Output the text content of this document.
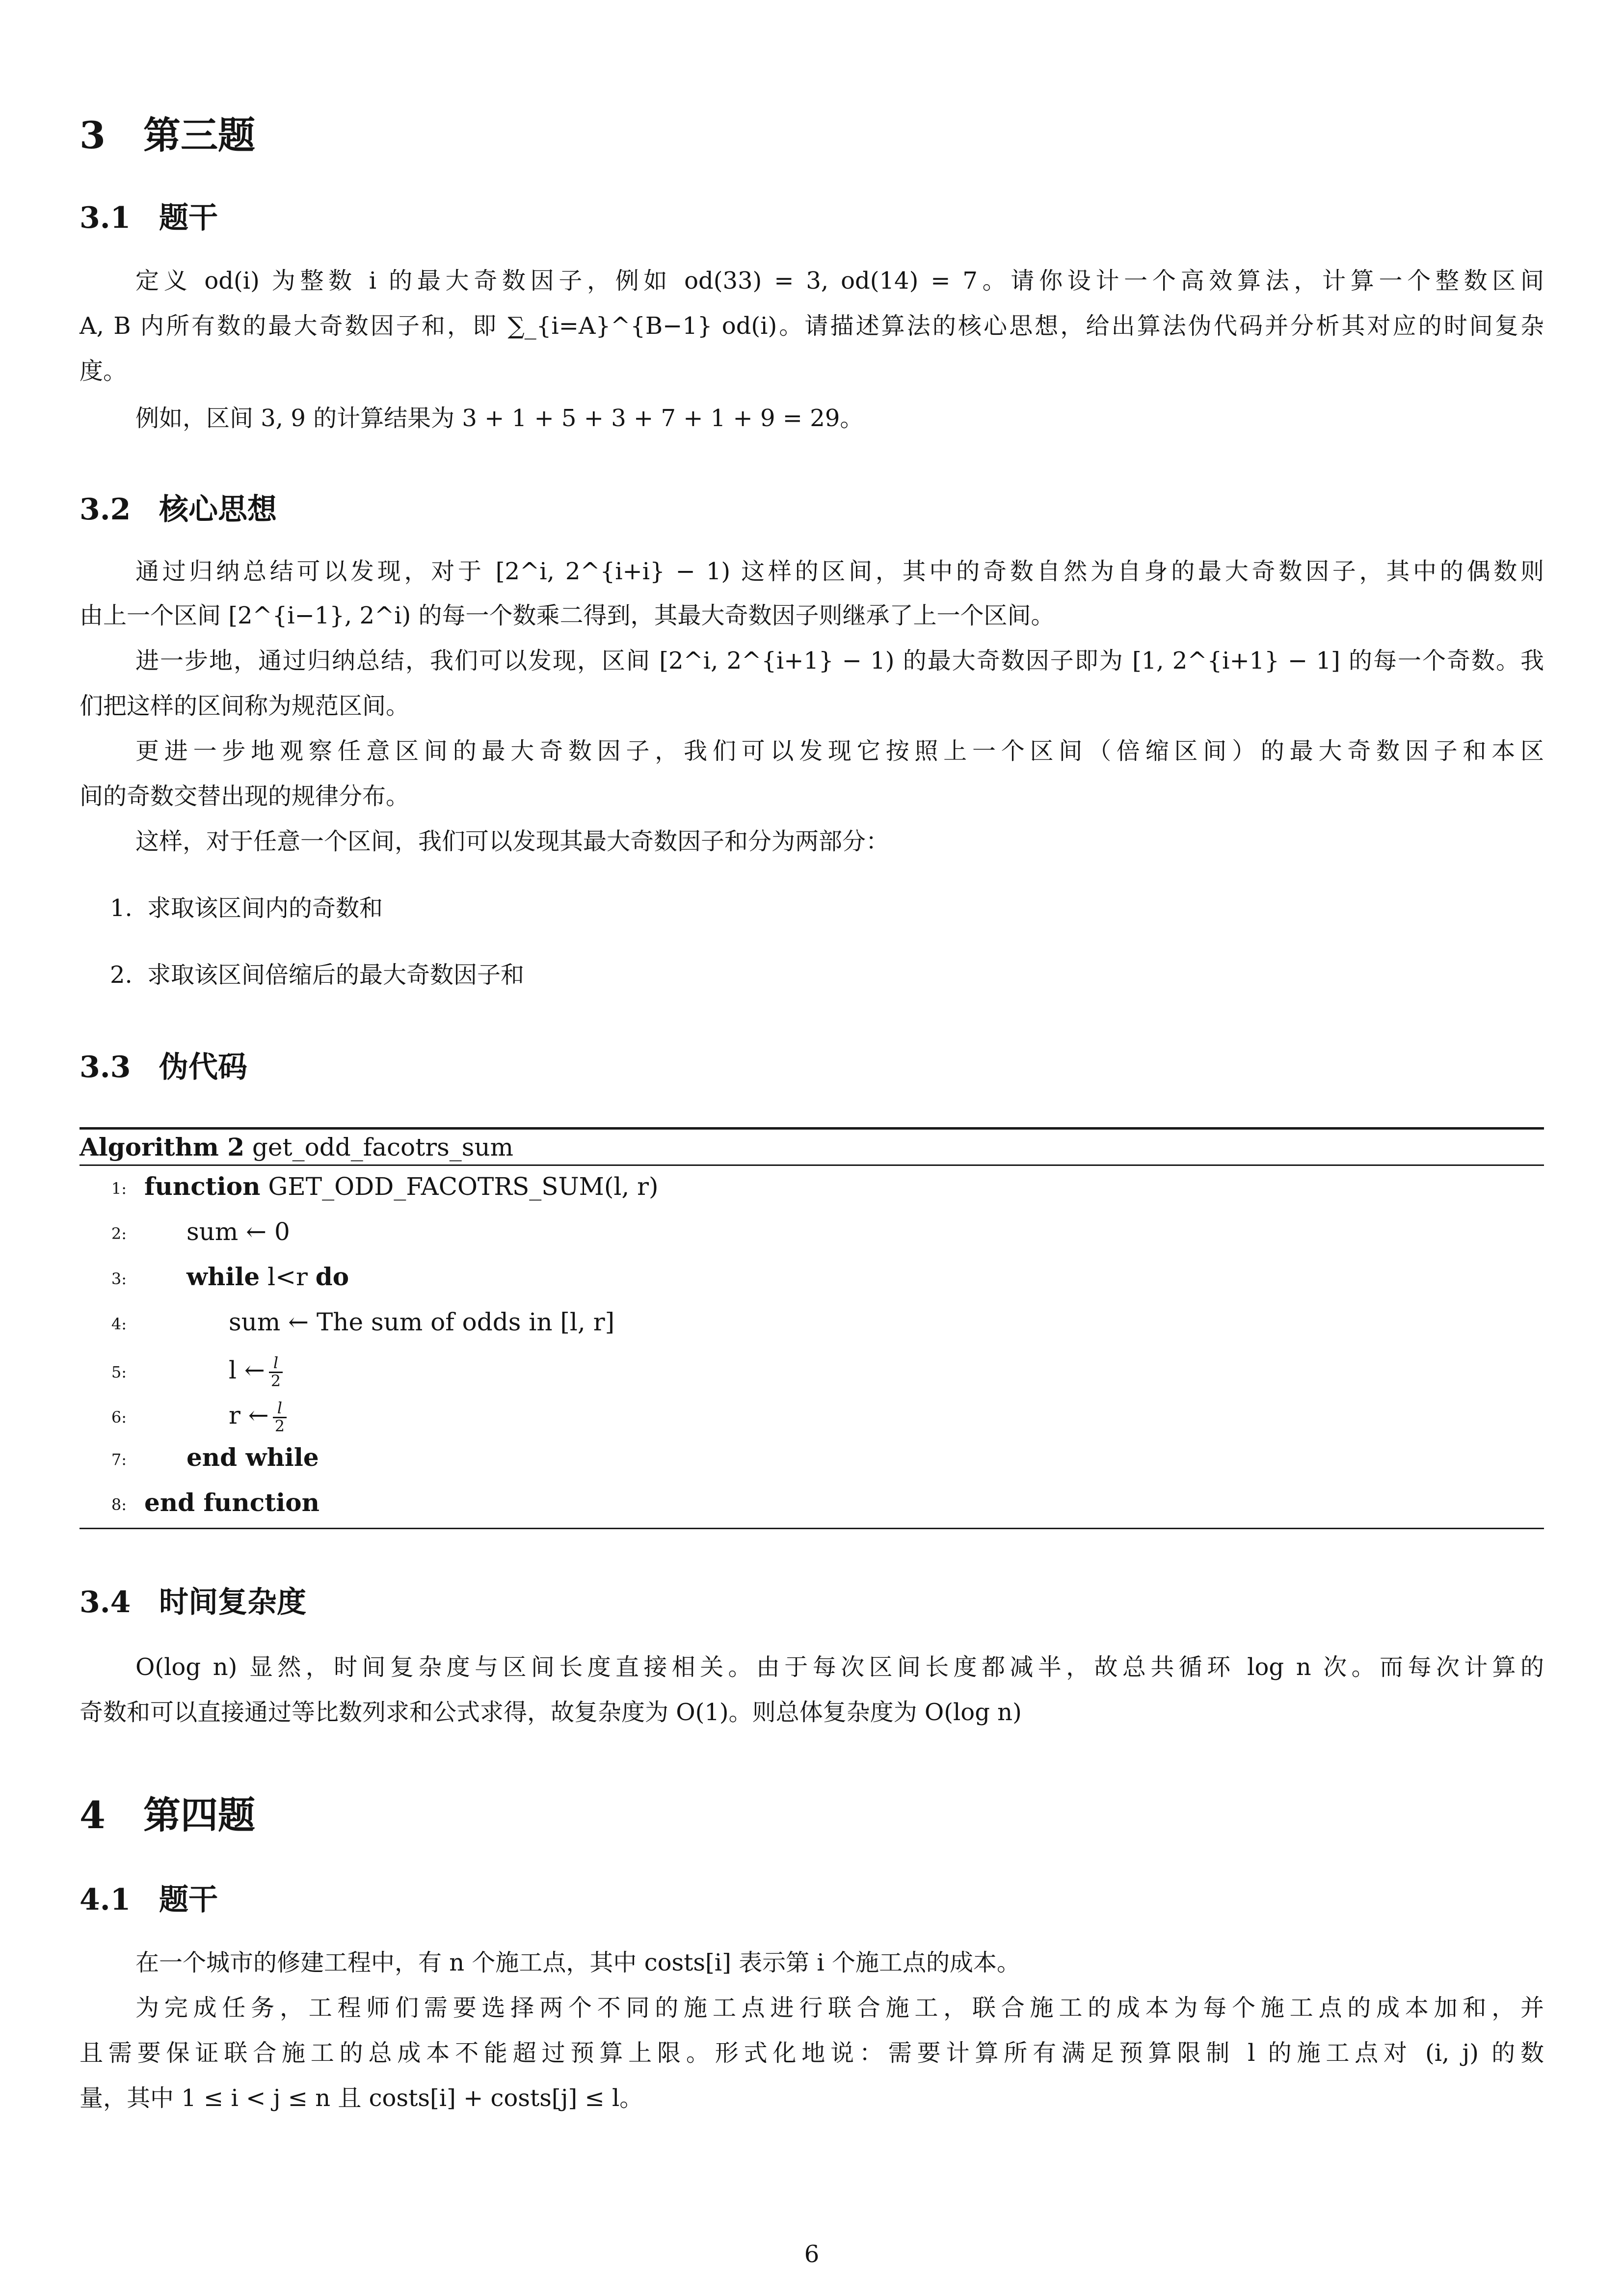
3 第三题
3.1 题干
定义 od(i) 为整数 i 的最大奇数因子，例如 od(33) = 3, od(14) = 7。请你设计一个高效算法，计算一个整数区间
A, B 内所有数的最大奇数因子和，即 ∑_{i=A}^{B−1} od(i)。请描述算法的核心思想，给出算法伪代码并分析其对应的时间复杂
度。
例如，区间 3, 9 的计算结果为 3 + 1 + 5 + 3 + 7 + 1 + 9 = 29。
3.2 核心思想
通过归纳总结可以发现，对于 [2^i, 2^{i+i} − 1) 这样的区间，其中的奇数自然为自身的最大奇数因子，其中的偶数则
由上一个区间 [2^{i−1}, 2^i) 的每一个数乘二得到，其最大奇数因子则继承了上一个区间。
进一步地，通过归纳总结，我们可以发现，区间 [2^i, 2^{i+1} − 1) 的最大奇数因子即为 [1, 2^{i+1} − 1] 的每一个奇数。我
们把这样的区间称为规范区间。
更进一步地观察任意区间的最大奇数因子，我们可以发现它按照上一个区间（倍缩区间）的最大奇数因子和本区
间的奇数交替出现的规律分布。
这样，对于任意一个区间，我们可以发现其最大奇数因子和分为两部分：
1. 求取该区间内的奇数和
2. 求取该区间倍缩后的最大奇数因子和
3.3 伪代码
Algorithm 2 get_odd_facotrs_sum
1: function GET_ODD_FACOTRS_SUM(l, r)
2: sum ← 0
3: while l<r do
4:	sum ← The sum of odds in [l, r]
5:	l ← $\frac{l}{2}$
6:	r ← $\frac{l}{2}$
7: end while
8: end function
3.4 时间复杂度
O(log n) 显然，时间复杂度与区间长度直接相关。由于每次区间长度都减半，故总共循环 log n 次。而每次计算的
奇数和可以直接通过等比数列求和公式求得，故复杂度为 O(1)。则总体复杂度为 O(log n)
4 第四题
4.1 题干
在一个城市的修建工程中，有 n 个施工点，其中 costs[i] 表示第 i 个施工点的成本。
为完成任务，工程师们需要选择两个不同的施工点进行联合施工，联合施工的成本为每个施工点的成本加和，并
且需要保证联合施工的总成本不能超过预算上限。形式化地说：需要计算所有满足预算限制 l 的施工点对 (i, j) 的数
量，其中 1 ≤ i < j ≤ n 且 costs[i] + costs[j] ≤ l。
6
